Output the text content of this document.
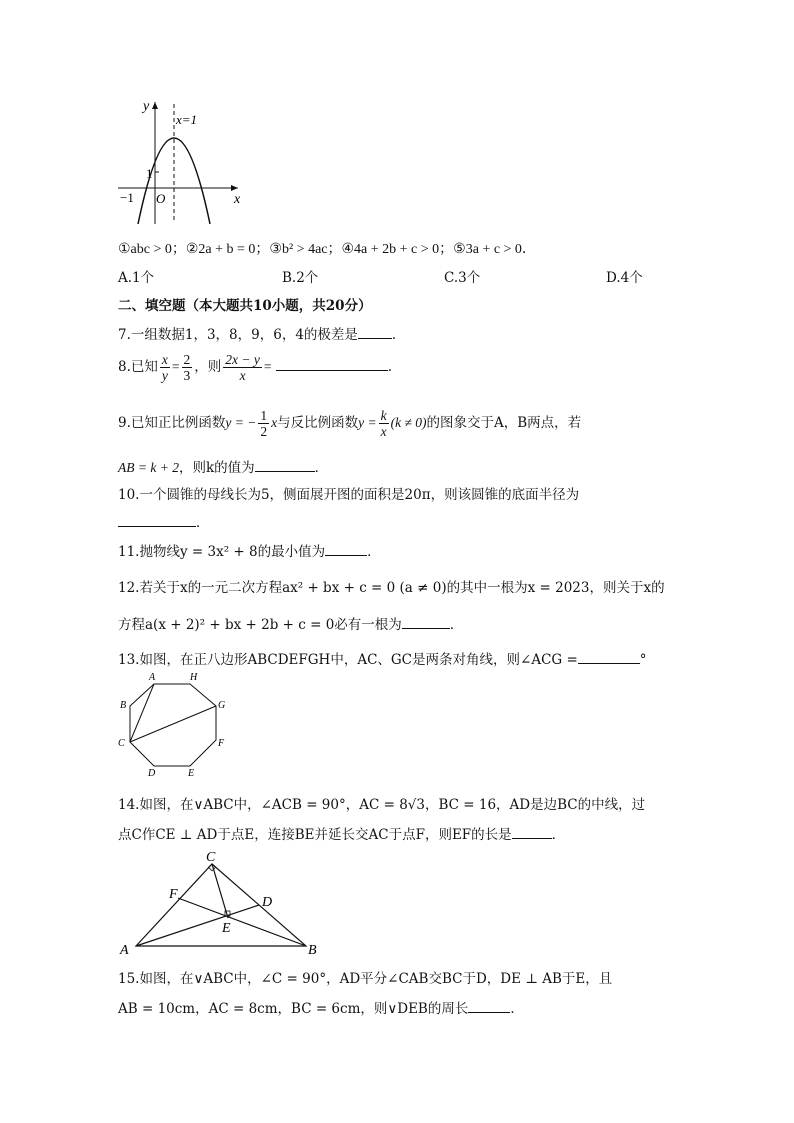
y
x
x=1
1
−1 O
①abc > 0；②2a + b = 0；③b² > 4ac；④4a + 2b + c > 0；⑤3a + c > 0．
A.1个	B.2个	C.3个	D.4个
二、填空题（本大题共10小题，共20分）
7.一组数据1，3，8，9，6，4的极差是	．
8.已知 $\frac{x}{y} = \frac{2}{3}$ ，则 $\frac{2x - y}{x}$ =	.
9.已知正比例函数y = − $\frac{1}{2}$ x与反比例函数$y = \frac{k}{x} (k \ne 0)$的图象交于A，B两点，若
AB = k + 2，则k的值为	．
10.一个圆锥的母线长为5，侧面展开图的面积是20π，则该圆锥的底面半径为
．
11.抛物线y = 3x² + 8的最小值为	．
12.若关于x的一元二次方程ax² + bx + c = 0 (a ≠ 0)的其中一根为x = 2023，则关于x的
方程a(x + 2)² + bx + 2b + c = 0必有一根为	．
13.如图，在正八边形ABCDEFGH中，AC、GC是两条对角线，则∠ACG =	°
A	H
G
F
E
D
C
B
14.如图，在∨ABC中，∠ACB = 90°，AC = 8√3，BC = 16，AD是边BC的中线，过
点C作CE ⊥ AD于点E，连接BE并延长交AC于点F，则EF的长是	．
C
F
D
E
A	B
15.如图，在∨ABC中，∠C = 90°，AD平分∠CAB交BC于D，DE ⊥ AB于E，且
AB = 10cm，AC = 8cm，BC = 6cm，则∨DEB的周长	．
